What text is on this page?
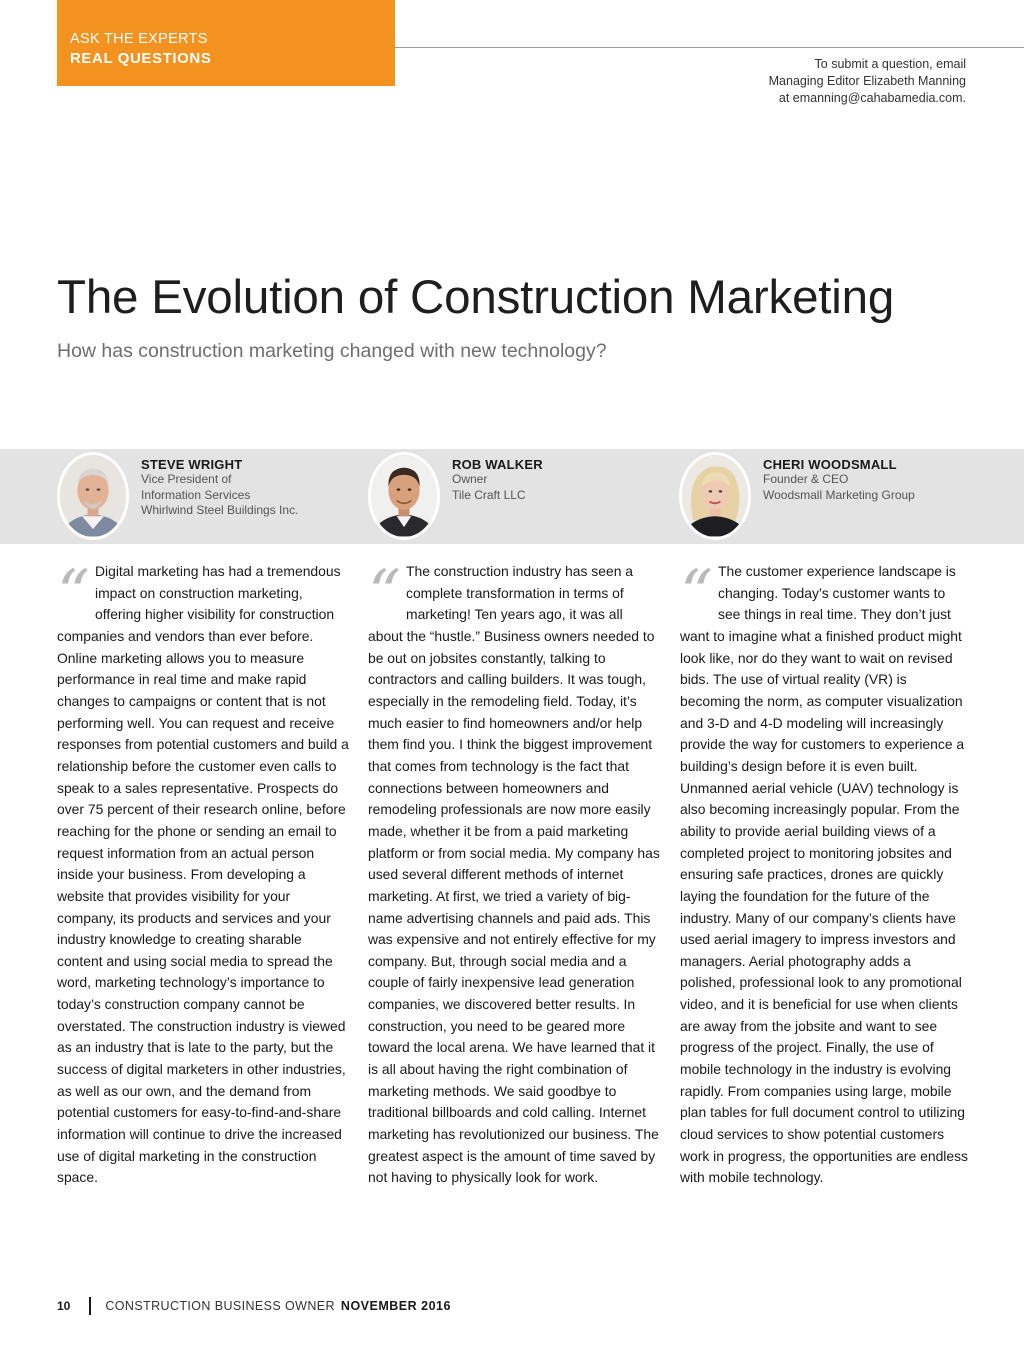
ASK THE EXPERTS
REAL QUESTIONS	To submit a question, email
Managing Editor Elizabeth Manning
at emanning@cahabamedia.com.
The Evolution of Construction Marketing
How has construction marketing changed with new technology?
STEVE WRIGHT
Vice President of
Information Services
Whirlwind Steel Buildings Inc.
ROB WALKER
Owner
Tile Craft LLC
CHERI WOODSMALL
Founder & CEO
Woodsmall Marketing Group
“ Digital marketing has had a tremendous impact on construction marketing, offering higher visibility for construction companies and vendors than ever before. Online marketing allows you to measure performance in real time and make rapid changes to campaigns or content that is not performing well. You can request and receive responses from potential customers and build a relationship before the customer even calls to speak to a sales representative. Prospects do over 75 percent of their research online, before reaching for the phone or sending an email to request information from an actual person inside your business. From developing a website that provides visibility for your company, its products and services and your industry knowledge to creating sharable content and using social media to spread the word, marketing technology’s importance to today’s construction company cannot be overstated. The construction industry is viewed as an industry that is late to the party, but the success of digital marketers in other industries, as well as our own, and the demand from potential customers for easy-to-find-and-share information will continue to drive the increased use of digital marketing in the construction space.

“ The construction industry has seen a complete transformation in terms of marketing! Ten years ago, it was all about the “hustle.” Business owners needed to be out on jobsites constantly, talking to contractors and calling builders. It was tough, especially in the remodeling field. Today, it’s much easier to find homeowners and/or help them find you. I think the biggest improvement that comes from technology is the fact that connections between homeowners and remodeling professionals are now more easily made, whether it be from a paid marketing platform or from social media. My company has used several different methods of internet marketing. At first, we tried a variety of big-name advertising channels and paid ads. This was expensive and not entirely effective for my company. But, through social media and a couple of fairly inexpensive lead generation companies, we discovered better results. In construction, you need to be geared more toward the local arena. We have learned that it is all about having the right combination of marketing methods. We said goodbye to traditional billboards and cold calling. Internet marketing has revolutionized our business. The greatest aspect is the amount of time saved by not having to physically look for work.

“ The customer experience landscape is changing. Today’s customer wants to see things in real time. They don’t just want to imagine what a finished product might look like, nor do they want to wait on revised bids. The use of virtual reality (VR) is becoming the norm, as computer visualization and 3-D and 4-D modeling will increasingly provide the way for customers to experience a building’s design before it is even built. Unmanned aerial vehicle (UAV) technology is also becoming increasingly popular. From the ability to provide aerial building views of a completed project to monitoring jobsites and ensuring safe practices, drones are quickly laying the foundation for the future of the industry. Many of our company’s clients have used aerial imagery to impress investors and managers. Aerial photography adds a polished, professional look to any promotional video, and it is beneficial for use when clients are away from the jobsite and want to see progress of the project. Finally, the use of mobile technology in the industry is evolving rapidly. From companies using large, mobile plan tables for full document control to utilizing cloud services to show potential customers work in progress, the opportunities are endless with mobile technology.

10	CONSTRUCTION BUSINESS OWNER NOVEMBER 2016
